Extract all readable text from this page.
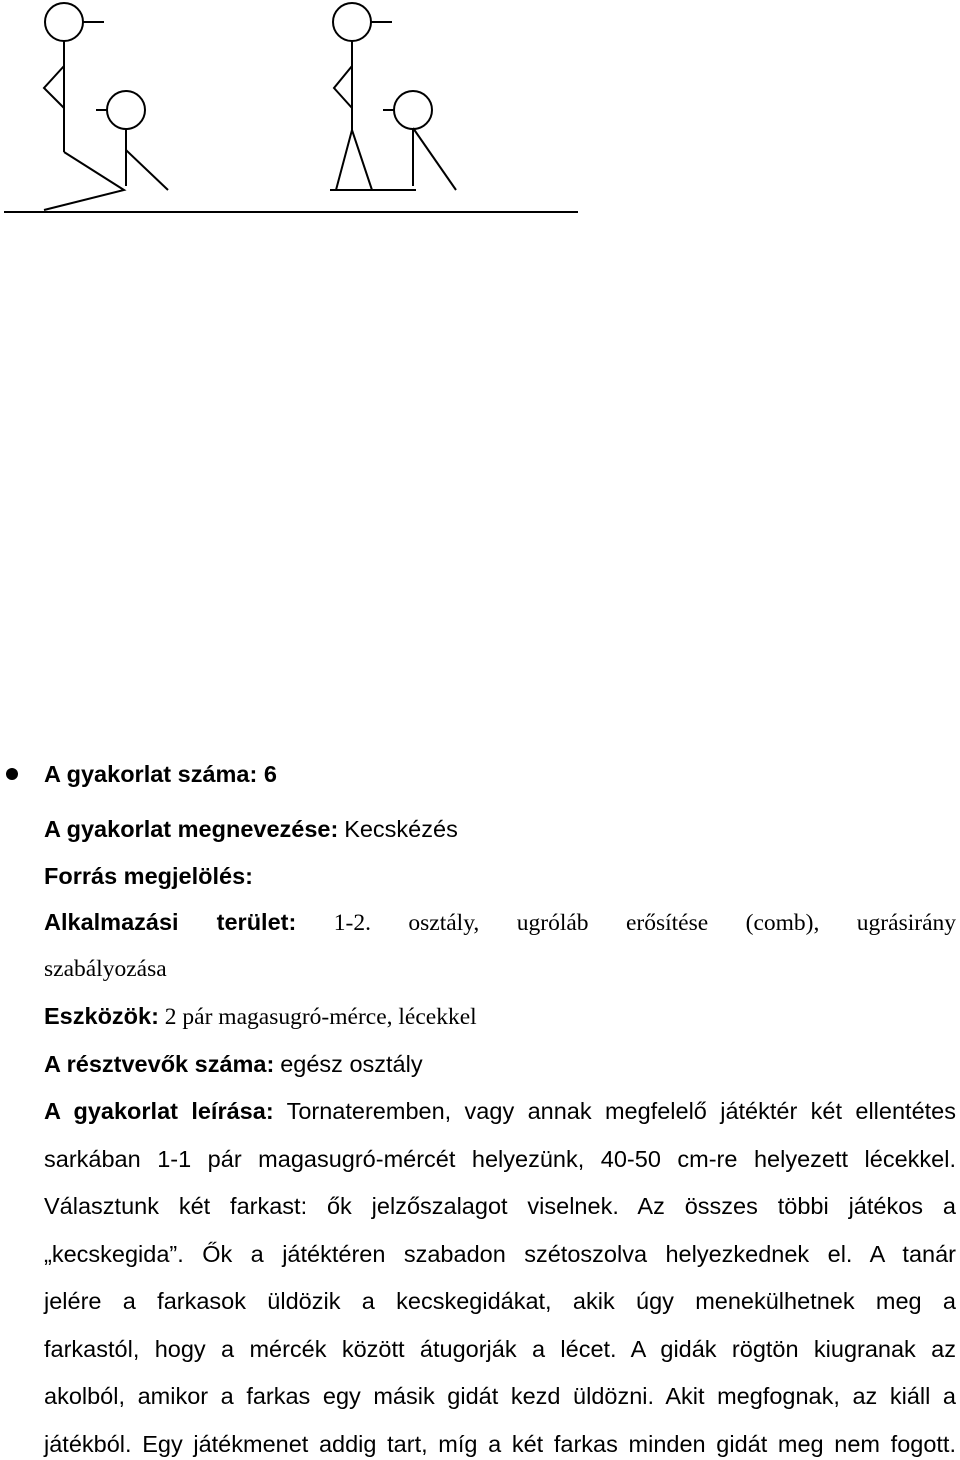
A gyakorlat száma: 6
A gyakorlat megnevezése: Kecskézés
Forrás megjelölés:
Alkalmazási terület: 1-2. osztály, ugróláb erősítése (comb), ugrásirány
szabályozása
Eszközök: 2 pár magasugró-mérce, lécekkel
A résztvevők száma: egész osztály
A gyakorlat leírása: Tornateremben, vagy annak megfelelő játéktér két ellentétes
sarkában 1-1 pár magasugró-mércét helyezünk, 40-50 cm-re helyezett lécekkel.
Választunk két farkast: ők jelzőszalagot viselnek. Az összes többi játékos a
„kecskegida”. Ők a játéktéren szabadon szétoszolva helyezkednek el. A tanár
jelére a farkasok üldözik a kecskegidákat, akik úgy menekülhetnek meg a
farkastól, hogy a mércék között átugorják a lécet. A gidák rögtön kiugranak az
akolból, amikor a farkas egy másik gidát kezd üldözni. Akit megfognak, az kiáll a
játékból. Egy játékmenet addig tart, míg a két farkas minden gidát meg nem fogott.
